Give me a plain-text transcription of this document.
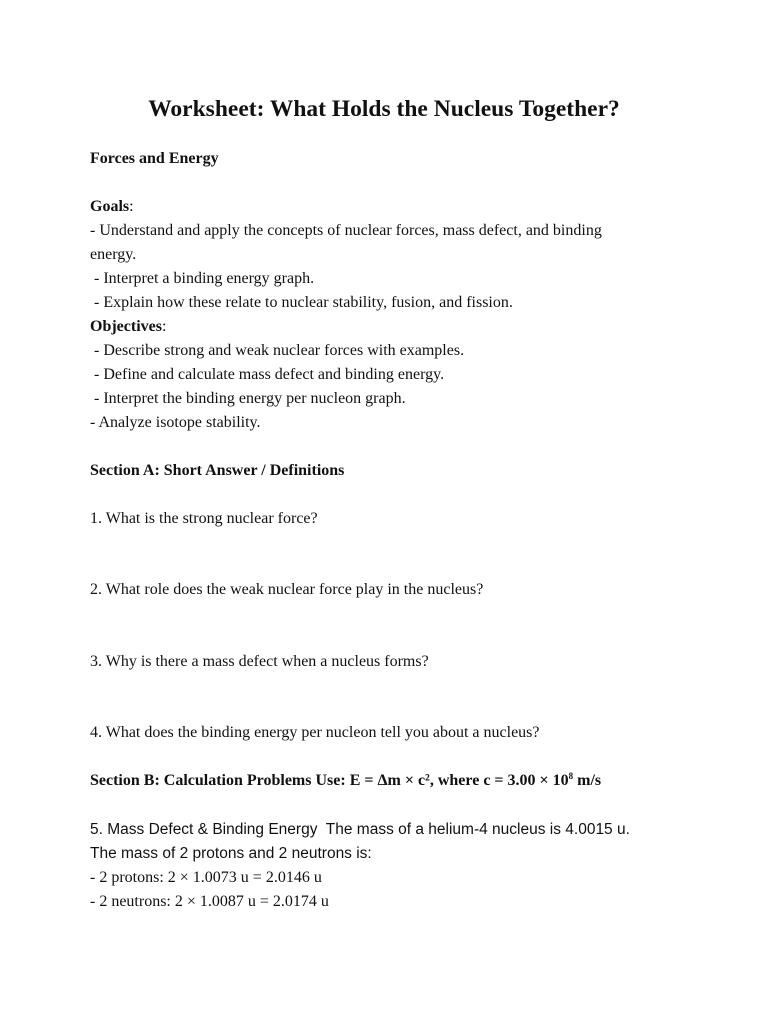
Worksheet: What Holds the Nucleus Together?

Forces and Energy

Goals:

- Understand and apply the concepts of nuclear forces, mass defect, and binding

energy.

- Interpret a binding energy graph.

- Explain how these relate to nuclear stability, fusion, and fission.

Objectives:

- Describe strong and weak nuclear forces with examples.

- Define and calculate mass defect and binding energy.

- Interpret the binding energy per nucleon graph.

- Analyze isotope stability.

Section A: Short Answer / Definitions

1. What is the strong nuclear force?

2. What role does the weak nuclear force play in the nucleus?

3. Why is there a mass defect when a nucleus forms?

4. What does the binding energy per nucleon tell you about a nucleus?

Section B: Calculation Problems Use: E = Δm × c², where $c = 3.00 \times 10^8$ m/s

5. Mass Defect & Binding Energy  The mass of a helium-4 nucleus is 4.0015 u.

The mass of 2 protons and 2 neutrons is:

- 2 protons: 2 × 1.0073 u = 2.0146 u

- 2 neutrons: 2 × 1.0087 u = 2.0174 u
